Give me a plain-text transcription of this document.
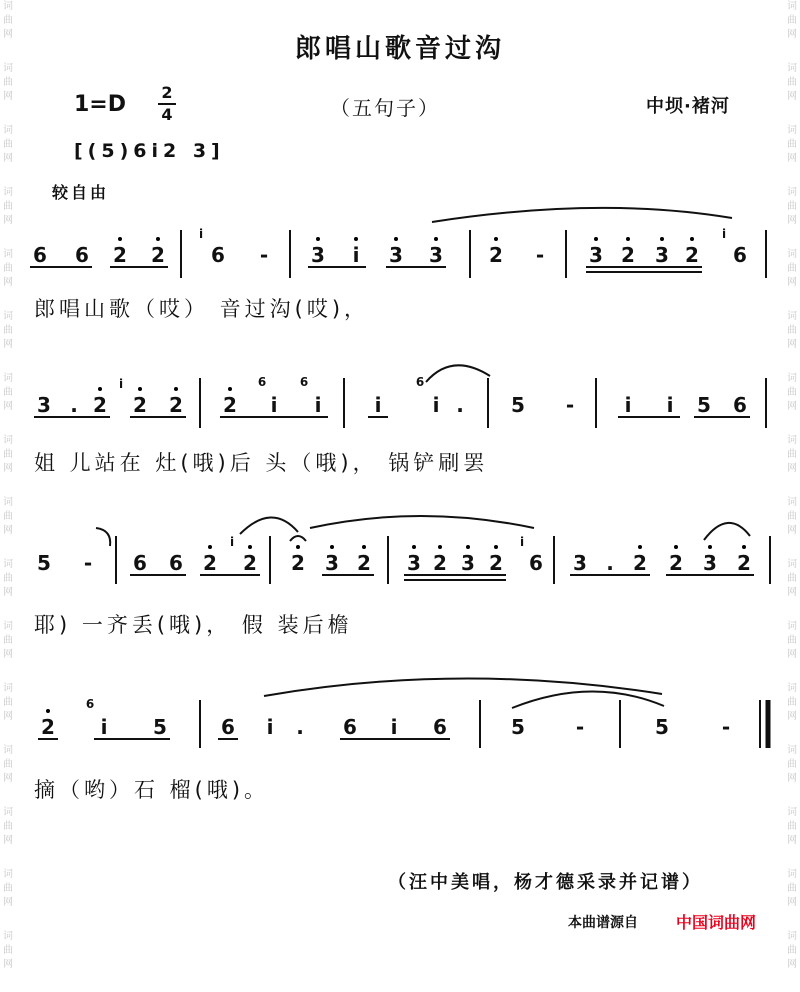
词
曲
网
词
曲
网
词
曲
网
词
曲
网
词
曲
网
词
曲
网
词
曲
网
词
曲
网
词
曲
网
词
曲
网
词
曲
网
词
曲
网
词
曲
网
词
曲
网
词
曲
网
词
曲
网
词
曲
网
词
曲
网
词
曲
网
词
曲
网
词
曲
网
词
曲
网
词
曲
网
词
曲
网
词
曲
网
词
曲
网
词
曲
网
词
曲
网
词
曲
网
词
曲
网
词
曲
网
词
曲
网
郎唱山歌音过沟
1=D 2
4	（五句子）	中坝·褚河
[(5)6i2 3]
较自由
6 6 2 2
i
6 - 3 i 3 3 2 - 3 2 3 2
i
6
3 . 2
i
2 2 2
6
i
6
i	i
6
i . 5 -	i i 5 6
5 - 6 6 2
i
2 2 3 2 3 2 3 2
i
6 3 . 2 2 3 2
2
6
i 5	6 i . 6 i 6	5	-	5	-
郎唱山歌（哎） 音过沟(哎)，
姐 儿站在 灶(哦)后 头（哦)， 锅铲刷罢
耶) 一齐丢(哦)， 假 装后檐
摘（哟）石 榴(哦)。
（汪中美唱，杨才德采录并记谱）
本曲谱源自 中国词曲网
